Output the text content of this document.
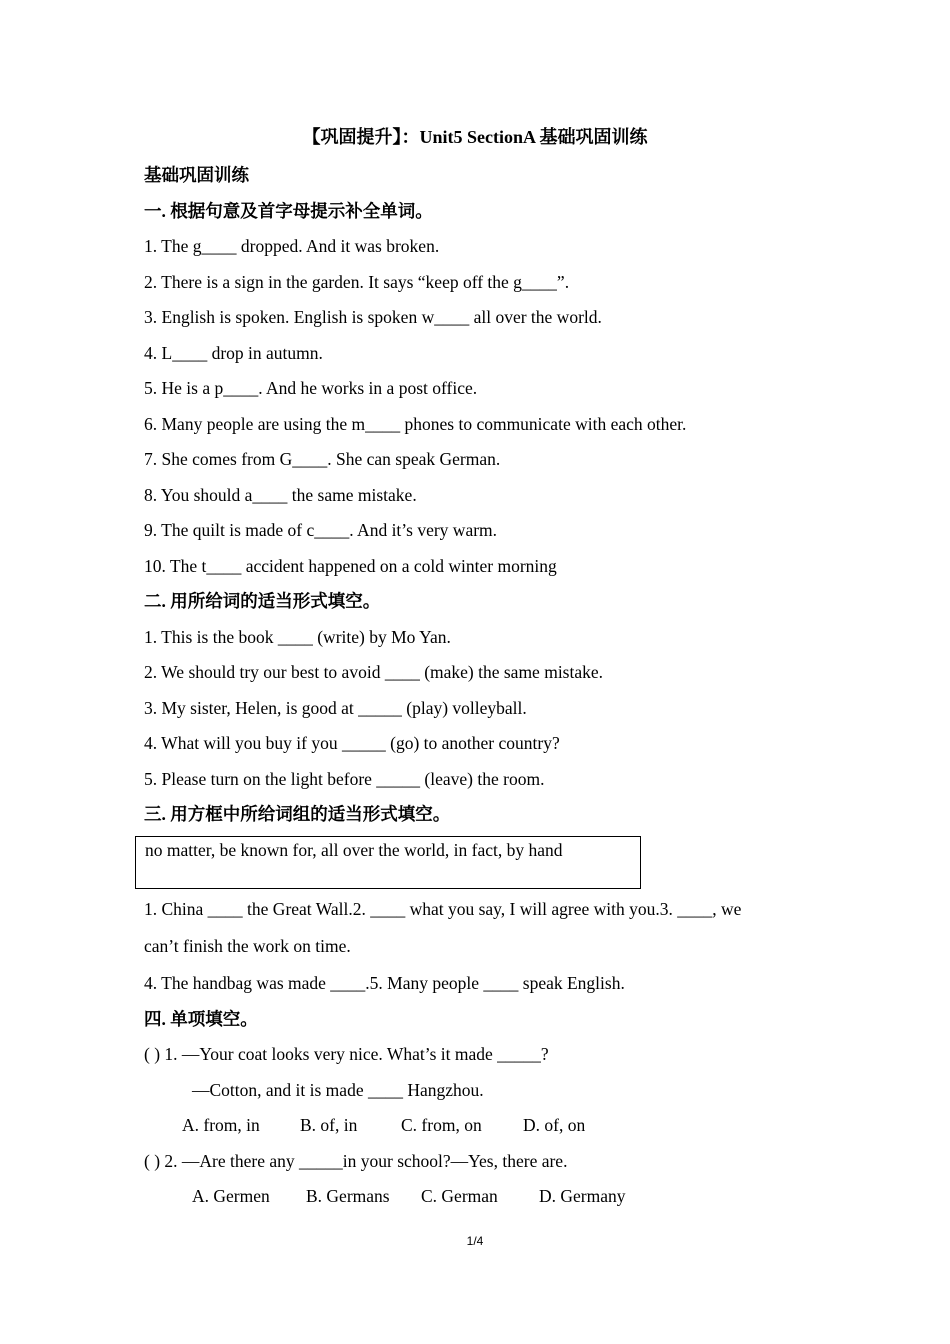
【巩固提升】：Unit5 SectionA 基础巩固训练
基础巩固训练
一. 根据句意及首字母提示补全单词。
1. The g____ dropped. And it was broken.
2. There is a sign in the garden. It says “keep off the g____”.
3. English is spoken. English is spoken w____ all over the world.
4. L____ drop in autumn.
5. He is a p____. And he works in a post office.
6. Many people are using the m____ phones to communicate with each other.
7. She comes from G____. She can speak German.
8. You should a____ the same mistake.
9. The quilt is made of c____. And it’s very warm.
10. The t____ accident happened on a cold winter morning
二. 用所给词的适当形式填空。
1. This is the book ____ (write) by Mo Yan.
2. We should try our best to avoid ____ (make) the same mistake.
3. My sister, Helen, is good at _____ (play) volleyball.
4. What will you buy if you _____ (go) to another country?
5. Please turn on the light before _____ (leave) the room.
三. 用方框中所给词组的适当形式填空。
no matter, be known for, all over the world, in fact, by hand
1. China ____ the Great Wall.2. ____ what you say, I will agree with you.3. ____, we
can’t finish the work on time.
4. The handbag was made ____.5. Many people ____ speak English.
四. 单项填空。
( ) 1. —Your coat looks very nice. What’s it made _____?
—Cotton, and it is made ____ Hangzhou.
A. from, in B. of, in C. from, on D. of, on
( ) 2. —Are there any _____in your school?—Yes, there are.
A. Germen B. Germans C. German D. Germany
1/4
